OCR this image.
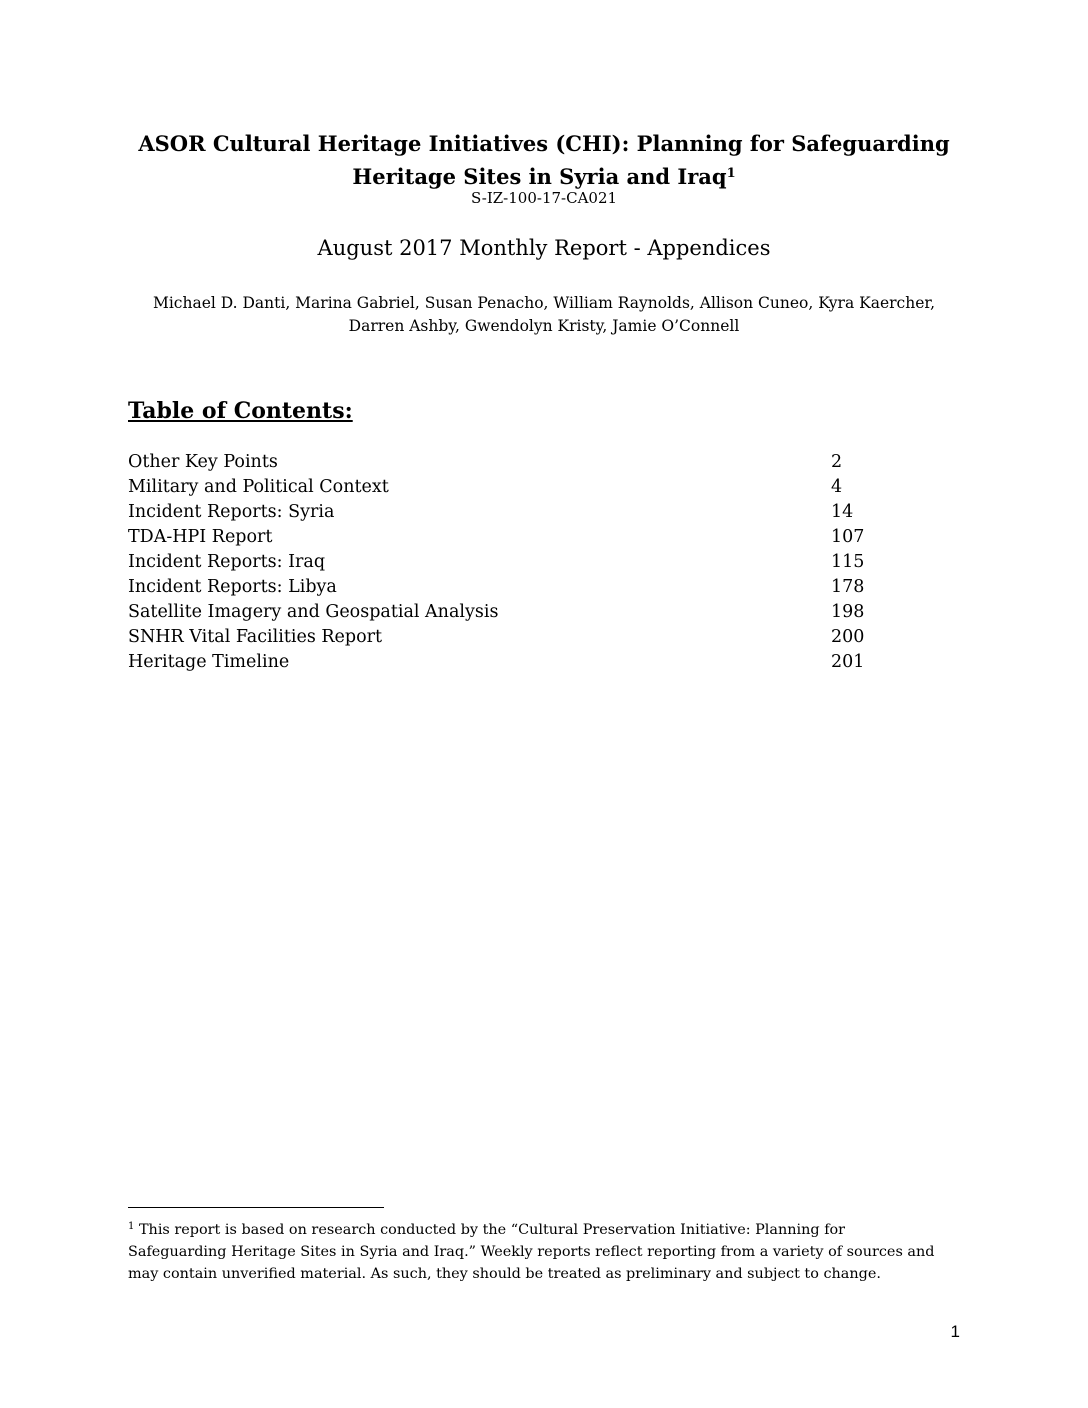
ASOR Cultural Heritage Initiatives (CHI): Planning for Safeguarding
Heritage Sites in Syria and Iraq$^1$
S-IZ-100-17-CA021
August 2017 Monthly Report - Appendices
Michael D. Danti, Marina Gabriel, Susan Penacho, William Raynolds, Allison Cuneo, Kyra Kaercher,
Darren Ashby, Gwendolyn Kristy, Jamie O’Connell
Table of Contents:
Other Key Points	2
Military and Political Context	4
Incident Reports: Syria	14
TDA-HPI Report	107
Incident Reports: Iraq	115
Incident Reports: Libya	178
Satellite Imagery and Geospatial Analysis	198
SNHR Vital Facilities Report	200
Heritage Timeline	201
$^1$ This report is based on research conducted by the “Cultural Preservation Initiative: Planning for
Safeguarding Heritage Sites in Syria and Iraq.” Weekly reports reflect reporting from a variety of sources and
may contain unverified material. As such, they should be treated as preliminary and subject to change.
1
